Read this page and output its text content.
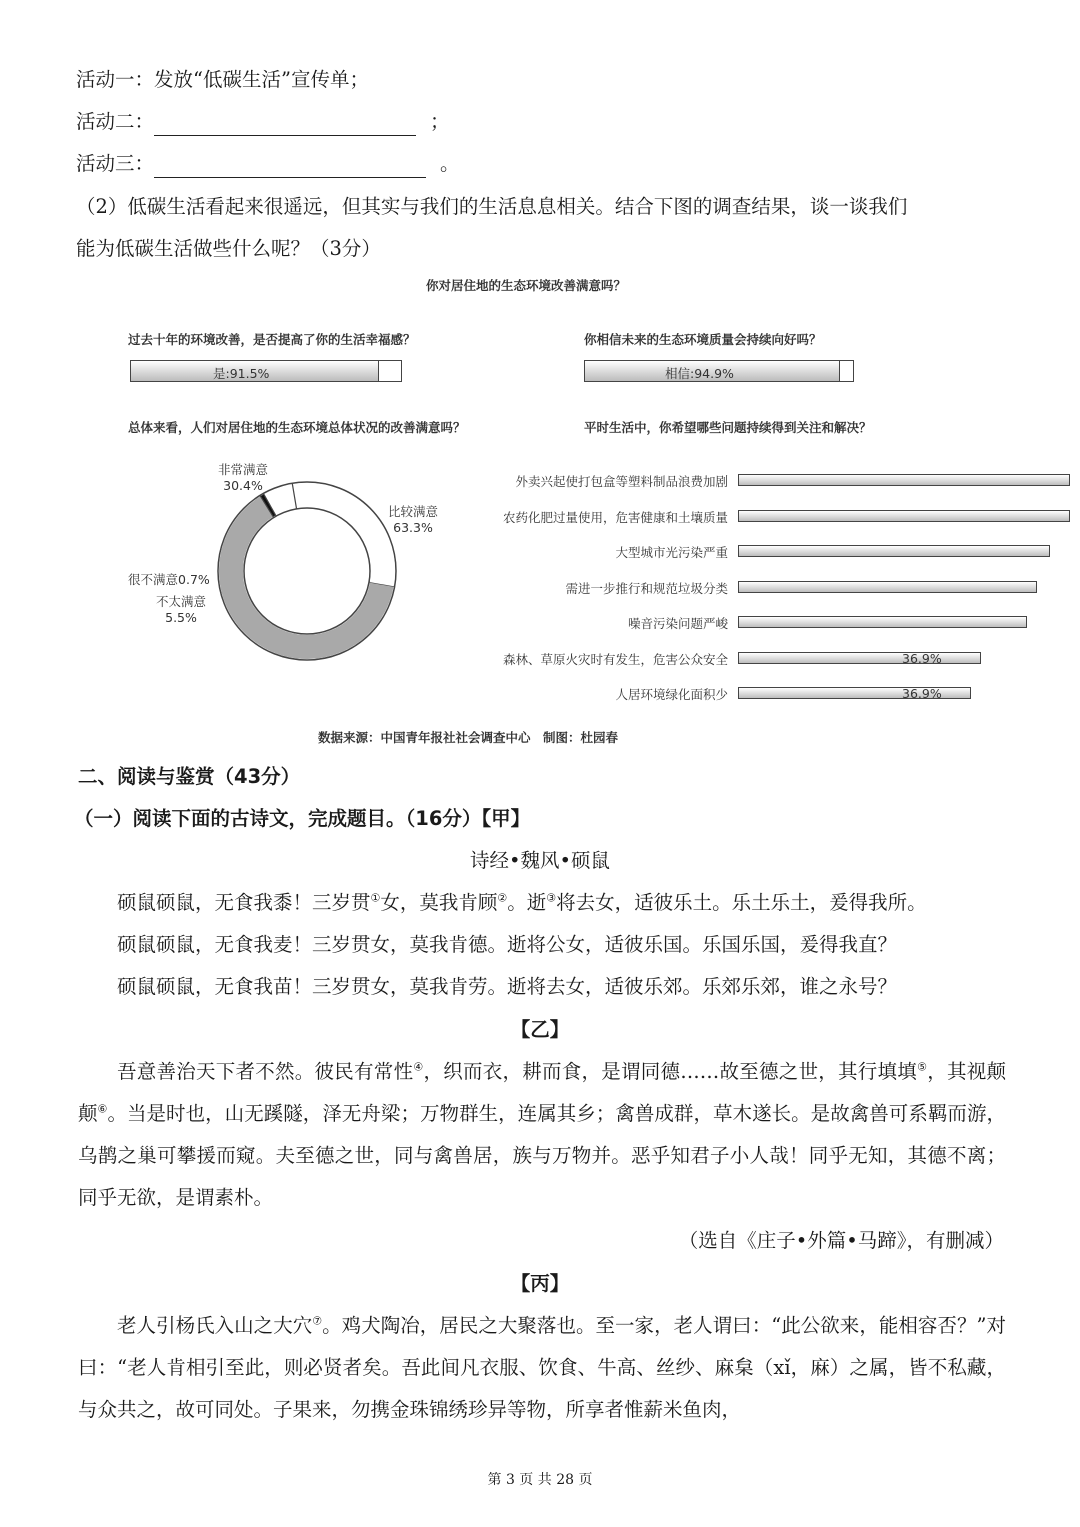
活动一：发放“低碳生活”宣传单；
活动二：	；
活动三：	。
（2）低碳生活看起来很遥远，但其实与我们的生活息息相关。结合下图的调查结果，谈一谈我们
能为低碳生活做些什么呢？（3分）
你对居住地的生态环境改善满意吗？
过去十年的环境改善，是否提高了你的生活幸福感？
是:91.5%
你相信未来的生态环境质量会持续向好吗？
相信:94.9%
总体来看，人们对居住地的生态环境总体状况的改善满意吗？	平时生活中，你希望哪些问题持续得到关注和解决？
非常满意
30.4%
比较满意
63.3%
很不满意0.7%
不太满意
5.5%
外卖兴起使打包盒等塑料制品浪费加剧
农药化肥过量使用，危害健康和土壤质量
大型城市光污染严重
需进一步推行和规范垃圾分类
噪音污染问题严峻
森林、草原火灾时有发生，危害公众安全	36.9%
人居环境绿化面积少	36.9%
数据来源：中国青年报社社会调查中心　制图：杜园春
二、阅读与鉴赏（43分）
（一）阅读下面的古诗文，完成题目。（16分）【甲】
诗经•魏风•硕鼠
硕鼠硕鼠，无食我黍！三岁贯①女，莫我肯顾②。逝③将去女，适彼乐土。乐土乐土，爰得我所。
硕鼠硕鼠，无食我麦！三岁贯女，莫我肯德。逝将公女，适彼乐国。乐国乐国，爰得我直？
硕鼠硕鼠，无食我苗！三岁贯女，莫我肯劳。逝将去女，适彼乐郊。乐郊乐郊，谁之永号？
【乙】
吾意善治天下者不然。彼民有常性④，织而衣，耕而食，是谓同德……故至德之世，其行填填⑤，其视颠颠⑥。当是时也，山无蹊隧，泽无舟梁；万物群生，连属其乡；禽兽成群，草木遂长。是故禽兽可系羁而游，乌鹊之巢可攀援而窥。夫至德之世，同与禽兽居，族与万物并。恶乎知君子小人哉！同乎无知，其德不离；同乎无欲，是谓素朴。
（选自《庄子•外篇•马蹄》，有删减）
【丙】
老人引杨氏入山之大穴⑦。鸡犬陶冶，居民之大聚落也。至一家，老人谓曰：“此公欲来，能相容否？”对曰：“老人肯相引至此，则必贤者矣。吾此间凡衣服、饮食、牛高、丝纱、麻枲（xǐ，麻）之属，皆不私藏，与众共之，故可同处。子果来，勿携金珠锦绣珍异等物，所享者惟薪米鱼肉，
第 3 页 共 28 页
